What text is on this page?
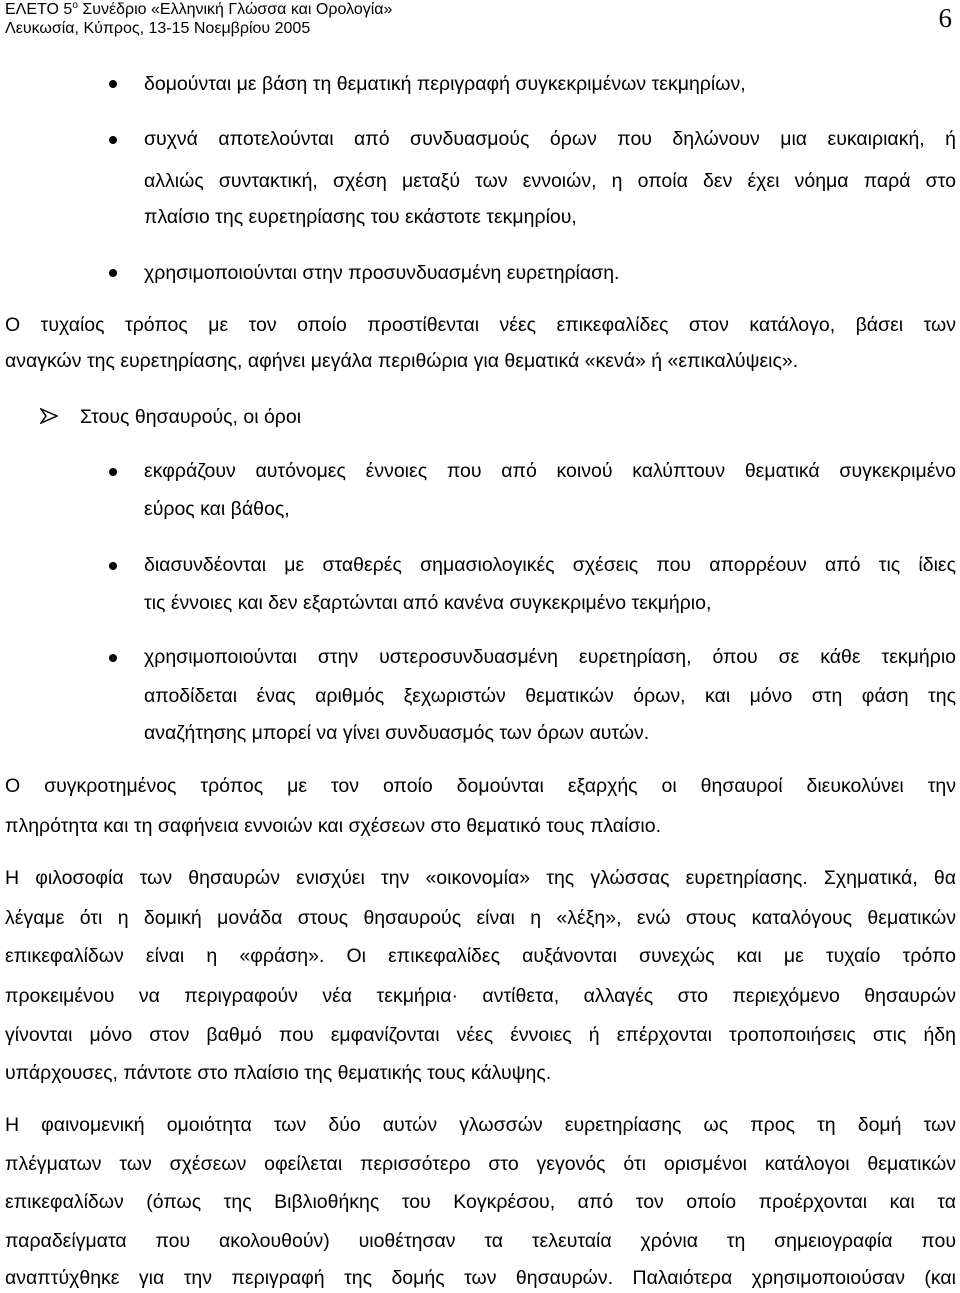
ΕΛΕΤΟ $5^o$ Συνέδριο «Ελληνική Γλώσσα και Ορολογία»
Λευκωσία, Κύπρος, 13-15 Νοεμβρίου 2005	6
δομούνται με βάση τη θεματική περιγραφή συγκεκριμένων τεκμηρίων,
συχνά αποτελούνται από συνδυασμούς όρων που δηλώνουν μια ευκαιριακή, ή
αλλιώς συντακτική, σχέση μεταξύ των εννοιών, η οποία δεν έχει νόημα παρά στο
πλαίσιο της ευρετηρίασης του εκάστοτε τεκμηρίου,
χρησιμοποιούνται στην προσυνδυασμένη ευρετηρίαση.
Ο τυχαίος τρόπος με τον οποίο προστίθενται νέες επικεφαλίδες στον κατάλογο, βάσει των
αναγκών της ευρετηρίασης, αφήνει μεγάλα περιθώρια για θεματικά «κενά» ή «επικαλύψεις».
Στους θησαυρούς, οι όροι
εκφράζουν αυτόνομες έννοιες που από κοινού καλύπτουν θεματικά συγκεκριμένο
εύρος και βάθος,
διασυνδέονται με σταθερές σημασιολογικές σχέσεις που απορρέουν από τις ίδιες
τις έννοιες και δεν εξαρτώνται από κανένα συγκεκριμένο τεκμήριο,
χρησιμοποιούνται στην υστεροσυνδυασμένη ευρετηρίαση, όπου σε κάθε τεκμήριο
αποδίδεται ένας αριθμός ξεχωριστών θεματικών όρων, και μόνο στη φάση της
αναζήτησης μπορεί να γίνει συνδυασμός των όρων αυτών.
Ο συγκροτημένος τρόπος με τον οποίο δομούνται εξαρχής οι θησαυροί διευκολύνει την
πληρότητα και τη σαφήνεια εννοιών και σχέσεων στο θεματικό τους πλαίσιο.
Η φιλοσοφία των θησαυρών ενισχύει την «οικονομία» της γλώσσας ευρετηρίασης. Σχηματικά, θα
λέγαμε ότι η δομική μονάδα στους θησαυρούς είναι η «λέξη», ενώ στους καταλόγους θεματικών
επικεφαλίδων είναι η «φράση». Οι επικεφαλίδες αυξάνονται συνεχώς και με τυχαίο τρόπο
προκειμένου να περιγραφούν νέα τεκμήρια· αντίθετα, αλλαγές στο περιεχόμενο θησαυρών
γίνονται μόνο στον βαθμό που εμφανίζονται νέες έννοιες ή επέρχονται τροποποιήσεις στις ήδη
υπάρχουσες, πάντοτε στο πλαίσιο της θεματικής τους κάλυψης.
Η φαινομενική ομοιότητα των δύο αυτών γλωσσών ευρετηρίασης ως προς τη δομή των
πλέγματων των σχέσεων οφείλεται περισσότερο στο γεγονός ότι ορισμένοι κατάλογοι θεματικών
επικεφαλίδων (όπως της Βιβλιοθήκης του Κογκρέσου, από τον οποίο προέρχονται και τα
παραδείγματα που ακολουθούν) υιοθέτησαν τα τελευταία χρόνια τη σημειογραφία που
αναπτύχθηκε για την περιγραφή της δομής των θησαυρών. Παλαιότερα χρησιμοποιούσαν (και
